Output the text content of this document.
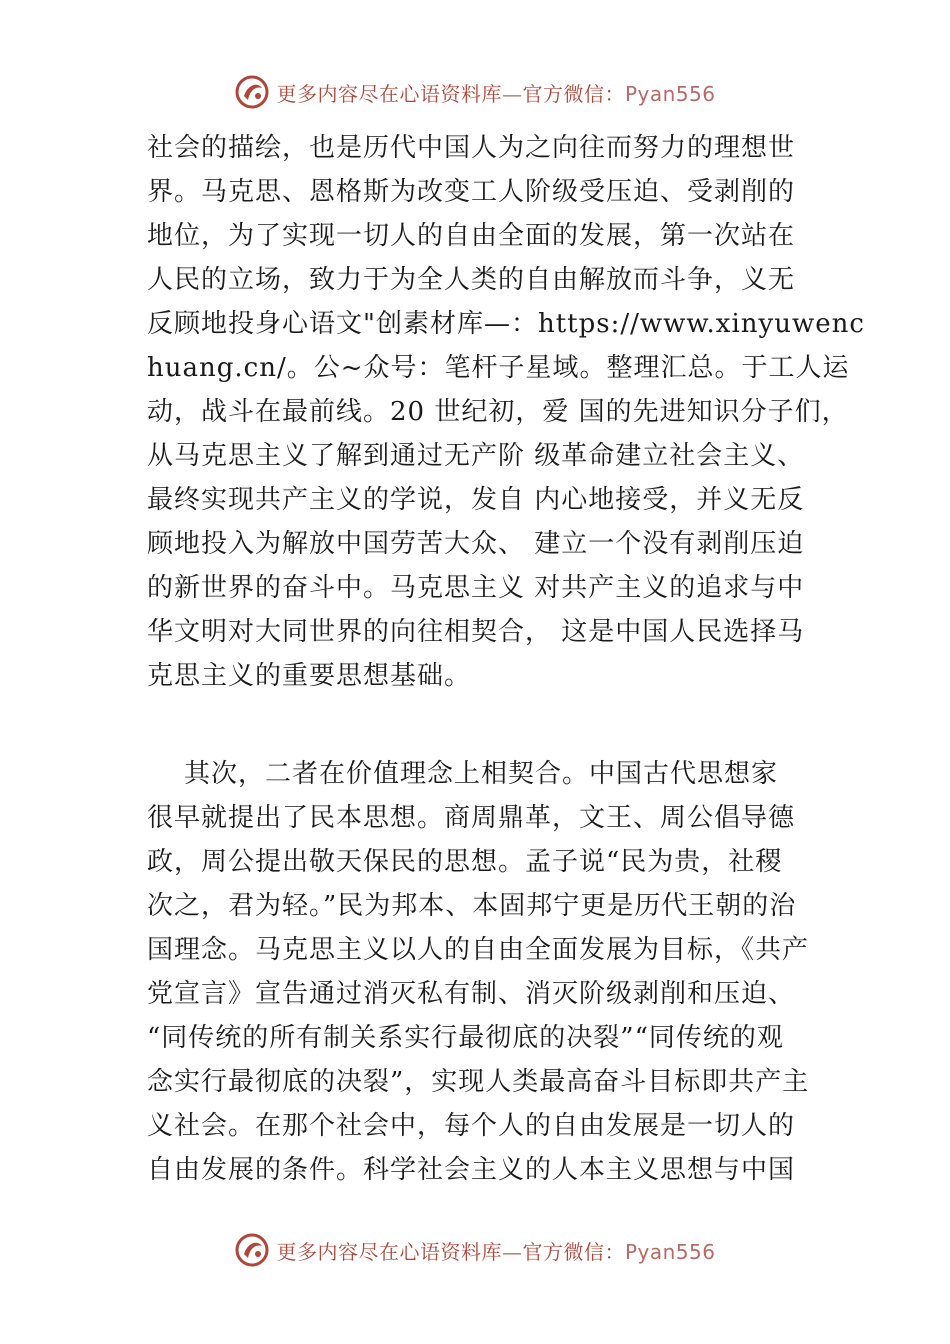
更多内容尽在心语资料库—官方微信：Pyan556
社会的描绘，也是历代中国人为之向往而努力的理想世
界。马克思、恩格斯为改变工人阶级受压迫、受剥削的
地位，为了实现一切人的自由全面的发展，第一次站在
人民的立场，致力于为全人类的自由解放而斗争，义无
反顾地投身心语文"创素材库—：https://www.xinyuwenc
huang.cn/。公~众号：笔杆子星域。整理汇总。于工人运
动，战斗在最前线。20 世纪初，爱 国的先进知识分子们，
从马克思主义了解到通过无产阶 级革命建立社会主义、
最终实现共产主义的学说，发自 内心地接受，并义无反
顾地投入为解放中国劳苦大众、 建立一个没有剥削压迫
的新世界的奋斗中。马克思主义 对共产主义的追求与中
华文明对大同世界的向往相契合， 这是中国人民选择马
克思主义的重要思想基础。
其次，二者在价值理念上相契合。中国古代思想家
很早就提出了民本思想。商周鼎革，文王、周公倡导德
政，周公提出敬天保民的思想。孟子说“民为贵，社稷
次之，君为轻。”民为邦本、本固邦宁更是历代王朝的治
国理念。马克思主义以人的自由全面发展为目标，《共产
党宣言》宣告通过消灭私有制、消灭阶级剥削和压迫、
“同传统的所有制关系实行最彻底的决裂”“同传统的观
念实行最彻底的决裂”，实现人类最高奋斗目标即共产主
义社会。在那个社会中，每个人的自由发展是一切人的
自由发展的条件。科学社会主义的人本主义思想与中国
更多内容尽在心语资料库—官方微信：Pyan556
